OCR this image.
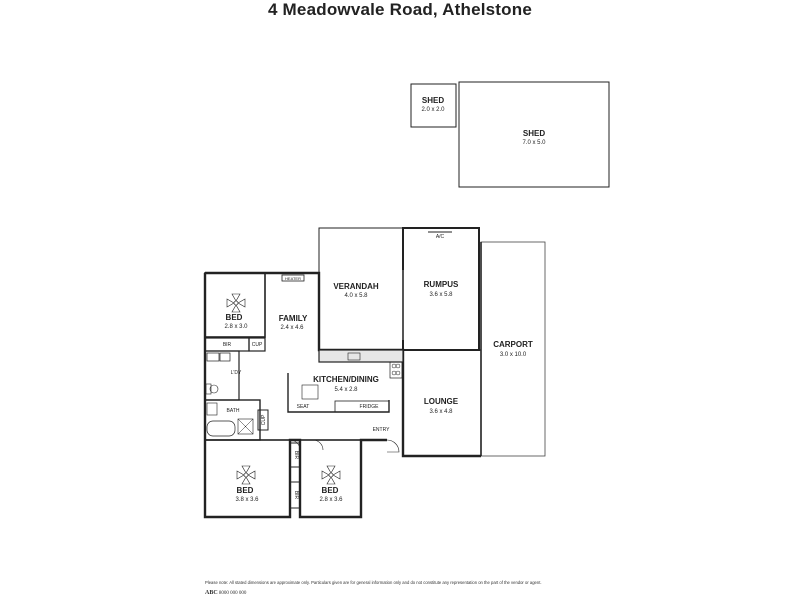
4 Meadowvale Road, Athelstone
SHED
2.0 x 2.0
SHED
7.0 x 5.0
VERANDAH
4.0 x 5.8
A/C
RUMPUS
3.6 x 5.8
CARPORT
3.0 x 10.0
BED
2.8 x 3.0
BIR	CUP
HEATER
FAMILY
2.4 x 4.6
L'DY
BATH
CUP
KITCHEN/DINING
5.4 x 2.8
SEAT	FRIDGE
LOUNGE
3.6 x 4.8
ENTRY
BED
3.8 x 3.6
BIR
BIR	BED
2.8 x 3.6
Please note: All stated dimensions are approximate only. Particulars given are for general information only and do not constitute any representation on the part of the vendor or agent.
ABC 8000 000 000
